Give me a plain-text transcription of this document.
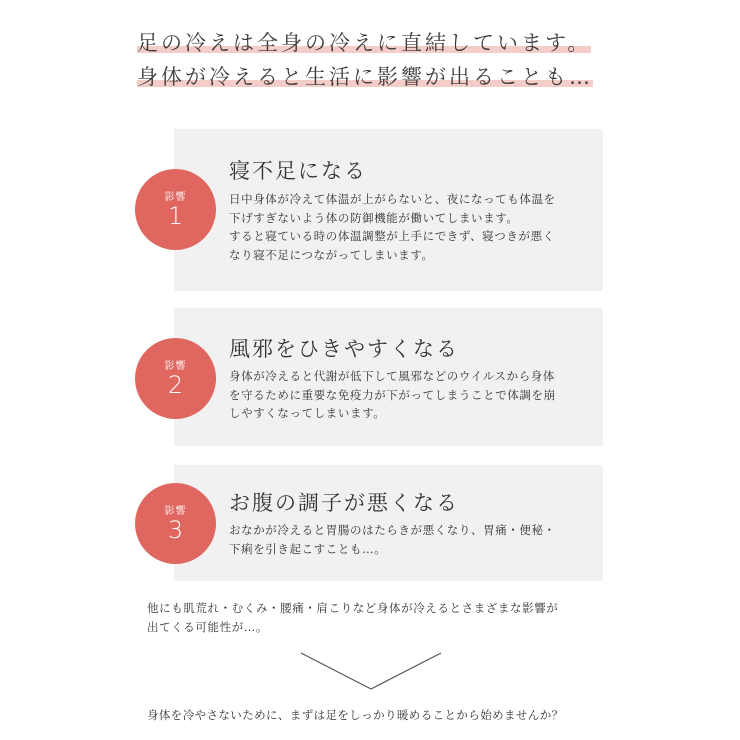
足の冷えは全身の冷えに直結しています。
身体が冷えると生活に影響が出ることも…
影響
1
寝不足になる

日中身体が冷えて体温が上がらないと、夜になっても体温を
下げすぎないよう体の防御機能が働いてしまいます。
すると寝ている時の体温調整が上手にできず、寝つきが悪く
なり寝不足につながってしまいます。

影響
2
風邪をひきやすくなる

身体が冷えると代謝が低下して風邪などのウイルスから身体
を守るために重要な免疫力が下がってしまうことで体調を崩
しやすくなってしまいます。

影響
3
お腹の調子が悪くなる

おなかが冷えると胃腸のはたらきが悪くなり、胃痛・便秘・
下痢を引き起こすことも…。

他にも肌荒れ・むくみ・腰痛・肩こりなど身体が冷えるとさまざまな影響が
出てくる可能性が…。

身体を冷やさないために、まずは足をしっかり暖めることから始めませんか？
